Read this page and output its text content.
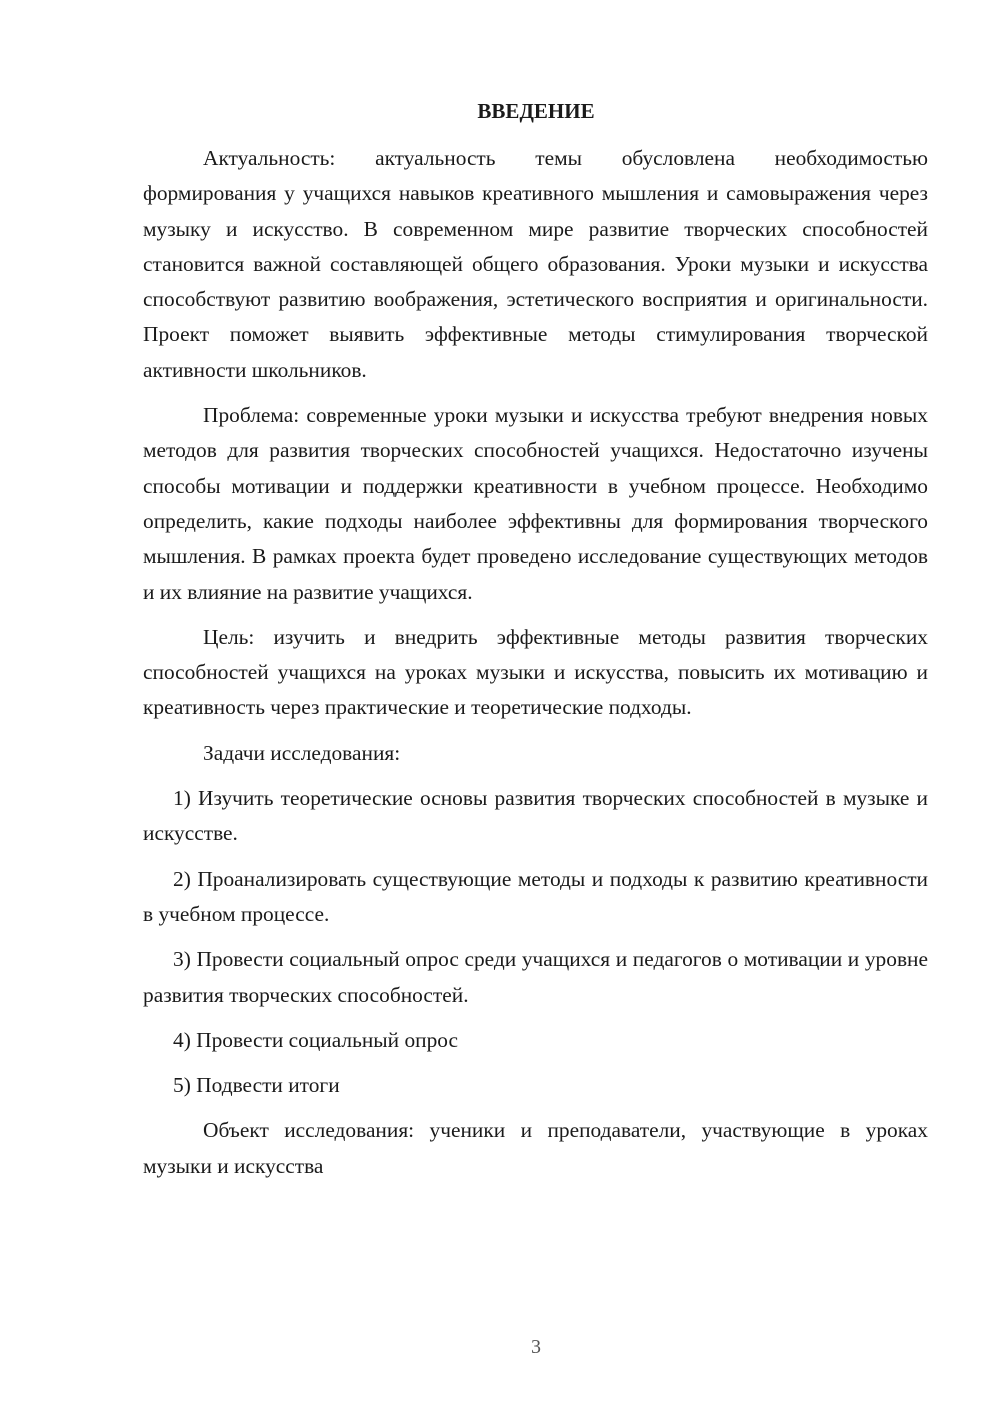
ВВЕДЕНИЕ

Актуальность: актуальность темы обусловлена необходимостью формирования у учащихся навыков креативного мышления и самовыражения через музыку и искусство. В современном мире развитие творческих способностей становится важной составляющей общего образования. Уроки музыки и искусства способствуют развитию воображения, эстетического восприятия и оригинальности. Проект поможет выявить эффективные методы стимулирования творческой активности школьников.

Проблема: современные уроки музыки и искусства требуют внедрения новых методов для развития творческих способностей учащихся. Недостаточно изучены способы мотивации и поддержки креативности в учебном процессе. Необходимо определить, какие подходы наиболее эффективны для формирования творческого мышления. В рамках проекта будет проведено исследование существующих методов и их влияние на развитие учащихся.

Цель: изучить и внедрить эффективные методы развития творческих способностей учащихся на уроках музыки и искусства, повысить их мотивацию и креативность через практические и теоретические подходы.

Задачи исследования:

1) Изучить теоретические основы развития творческих способностей в музыке и искусстве.

2) Проанализировать существующие методы и подходы к развитию креативности в учебном процессе.

3) Провести социальный опрос среди учащихся и педагогов о мотивации и уровне развития творческих способностей.

4) Провести социальный опрос

5) Подвести итоги

Объект исследования: ученики и преподаватели, участвующие в уроках музыки и искусства

3
